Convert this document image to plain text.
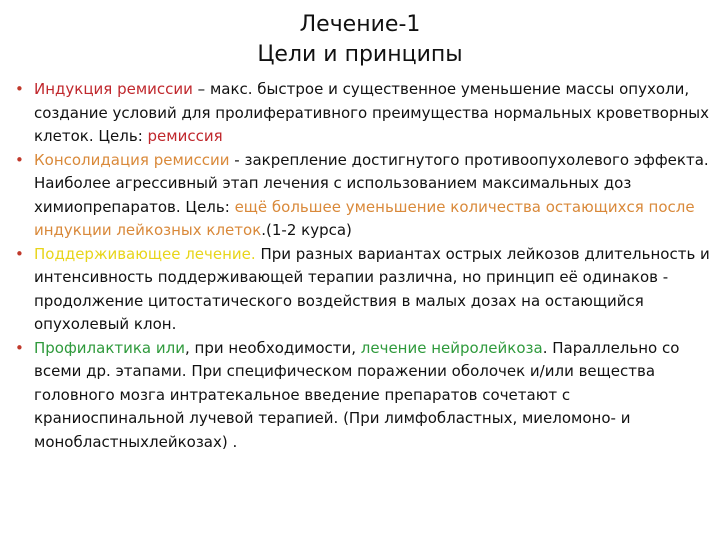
Лечение-1
Цели и принципы
• Индукция ремиссии – макс. быстрое и существенное уменьшение массы опухоли, создание условий для пролиферативного преимущества нормальных кроветворных клеток. Цель: ремиссия
• Консолидация ремиссии - закрепление достигнутого противоопухолевого эффекта. Наиболее агрессивный этап лечения с использованием максимальных доз химиопрепаратов. Цель: ещё большее уменьшение количества остающихся после индукции лейкозных клеток.(1-2 курса)
• Поддерживающее лечение. При разных вариантах острых лейкозов длительность и интенсивность поддерживающей терапии различна, но принцип её одинаков - продолжение цитостатического воздействия в малых дозах на остающийся опухолевый клон.
• Профилактика или, при необходимости, лечение нейролейкоза. Параллельно со всеми др. этапами. При специфическом поражении оболочек и/или вещества головного мозга интратекальное введение препаратов сочетают с краниоспинальной лучевой терапией. (При лимфобластных, миеломоно- и монобластныхлейкозах) .
